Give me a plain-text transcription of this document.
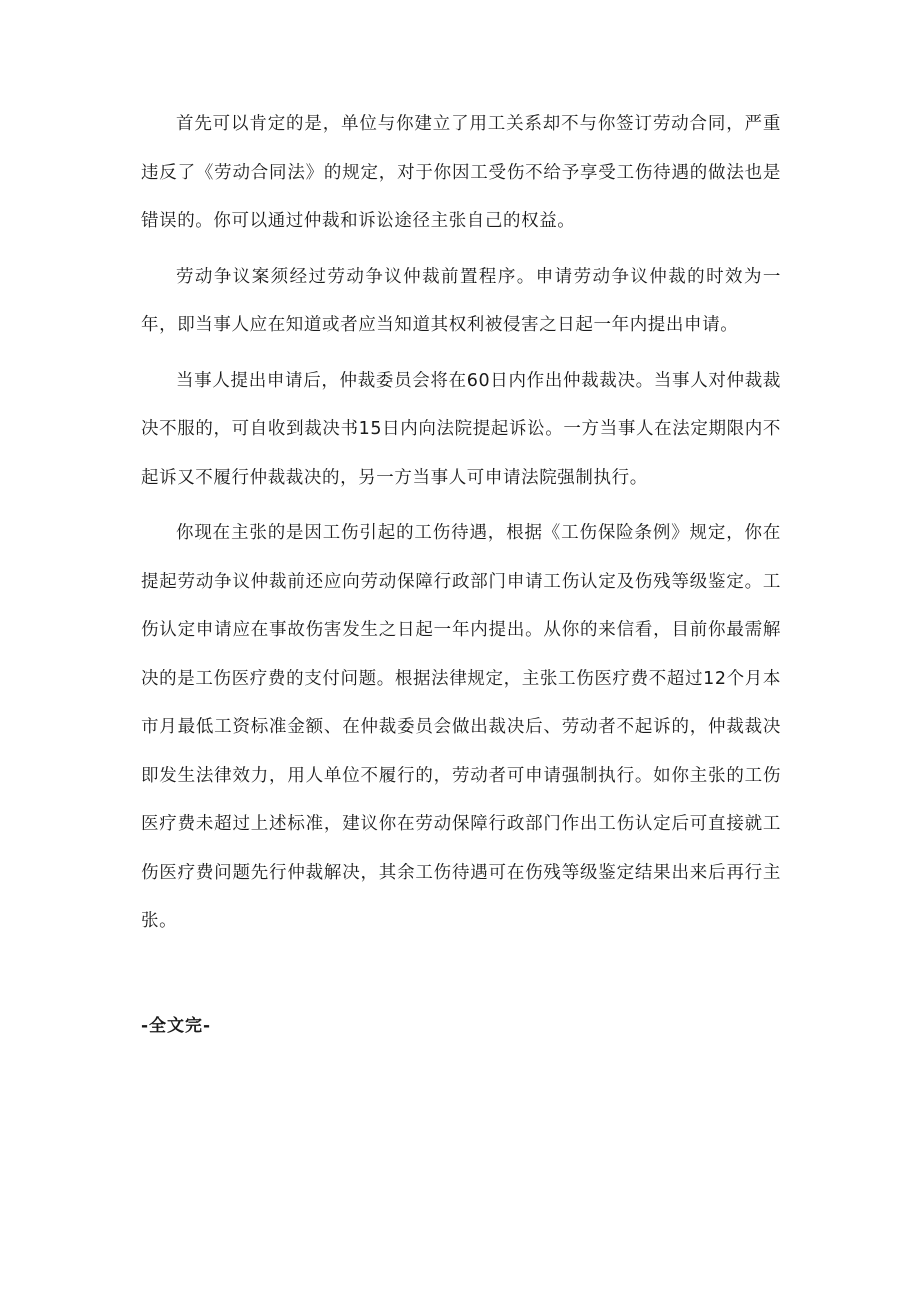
首先可以肯定的是，单位与你建立了用工关系却不与你签订劳动合同，严重违反了《劳动合同法》的规定，对于你因工受伤不给予享受工伤待遇的做法也是错误的。你可以通过仲裁和诉讼途径主张自己的权益。

劳动争议案须经过劳动争议仲裁前置程序。申请劳动争议仲裁的时效为一年，即当事人应在知道或者应当知道其权利被侵害之日起一年内提出申请。

当事人提出申请后，仲裁委员会将在60日内作出仲裁裁决。当事人对仲裁裁决不服的，可自收到裁决书15日内向法院提起诉讼。一方当事人在法定期限内不起诉又不履行仲裁裁决的，另一方当事人可申请法院强制执行。

你现在主张的是因工伤引起的工伤待遇，根据《工伤保险条例》规定，你在提起劳动争议仲裁前还应向劳动保障行政部门申请工伤认定及伤残等级鉴定。工伤认定申请应在事故伤害发生之日起一年内提出。从你的来信看，目前你最需解决的是工伤医疗费的支付问题。根据法律规定，主张工伤医疗费不超过12个月本市月最低工资标准金额、在仲裁委员会做出裁决后、劳动者不起诉的，仲裁裁决即发生法律效力，用人单位不履行的，劳动者可申请强制执行。如你主张的工伤医疗费未超过上述标准，建议你在劳动保障行政部门作出工伤认定后可直接就工伤医疗费问题先行仲裁解决，其余工伤待遇可在伤残等级鉴定结果出来后再行主张。

-全文完-
